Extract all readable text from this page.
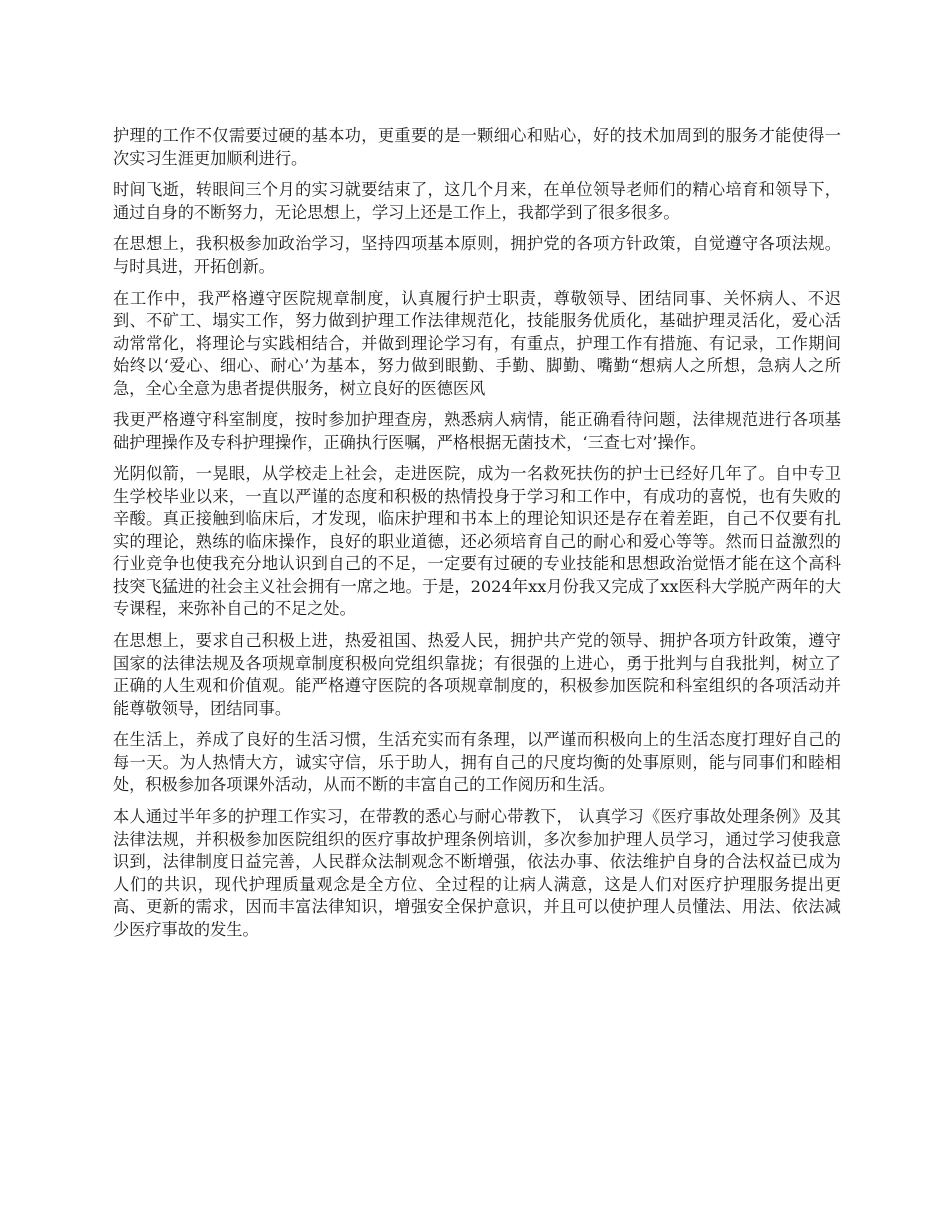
护理的工作不仅需要过硬的基本功，更重要的是一颗细心和贴心，好的技术加周到的服务才能使得一次实习生涯更加顺利进行。

时间飞逝，转眼间三个月的实习就要结束了，这几个月来，在单位领导老师们的精心培育和领导下，通过自身的不断努力，无论思想上，学习上还是工作上，我都学到了很多很多。

在思想上，我积极参加政治学习，坚持四项基本原则，拥护党的各项方针政策，自觉遵守各项法规。与时具进，开拓创新。

在工作中，我严格遵守医院规章制度，认真履行护士职责，尊敬领导、团结同事、关怀病人、不迟到、不矿工、塌实工作，努力做到护理工作法律规范化，技能服务优质化，基础护理灵活化，爱心活动常常化，将理论与实践相结合，并做到理论学习有，有重点，护理工作有措施、有记录，工作期间始终以‘爱心、细心、耐心’为基本，努力做到眼勤、手勤、脚勤、嘴勤“想病人之所想，急病人之所急，全心全意为患者提供服务，树立良好的医德医风

我更严格遵守科室制度，按时参加护理查房，熟悉病人病情，能正确看待问题，法律规范进行各项基础护理操作及专科护理操作，正确执行医嘱，严格根据无菌技术，‘三查七对’操作。

光阴似箭，一晃眼，从学校走上社会，走进医院，成为一名救死扶伤的护士已经好几年了。自中专卫生学校毕业以来，一直以严谨的态度和积极的热情投身于学习和工作中，有成功的喜悦，也有失败的辛酸。真正接触到临床后，才发现，临床护理和书本上的理论知识还是存在着差距，自己不仅要有扎实的理论，熟练的临床操作，良好的职业道德，还必须培育自己的耐心和爱心等等。然而日益激烈的行业竞争也使我充分地认识到自己的不足，一定要有过硬的专业技能和思想政治觉悟才能在这个高科技突飞猛进的社会主义社会拥有一席之地。于是，2024年xx月份我又完成了xx医科大学脱产两年的大专课程，来弥补自己的不足之处。

在思想上，要求自己积极上进，热爱祖国、热爱人民，拥护共产党的领导、拥护各项方针政策，遵守国家的法律法规及各项规章制度积极向党组织靠拢；有很强的上进心，勇于批判与自我批判，树立了正确的人生观和价值观。能严格遵守医院的各项规章制度的，积极参加医院和科室组织的各项活动并能尊敬领导，团结同事。

在生活上，养成了良好的生活习惯，生活充实而有条理，以严谨而积极向上的生活态度打理好自己的每一天。为人热情大方，诚实守信，乐于助人，拥有自己的尺度均衡的处事原则，能与同事们和睦相处，积极参加各项课外活动，从而不断的丰富自己的工作阅历和生活。

本人通过半年多的护理工作实习，在带教的悉心与耐心带教下， 认真学习《医疗事故处理条例》及其法律法规，并积极参加医院组织的医疗事故护理条例培训，多次参加护理人员学习，通过学习使我意识到，法律制度日益完善，人民群众法制观念不断增强，依法办事、依法维护自身的合法权益已成为人们的共识，现代护理质量观念是全方位、全过程的让病人满意，这是人们对医疗护理服务提出更高、更新的需求，因而丰富法律知识，增强安全保护意识，并且可以使护理人员懂法、用法、依法减少医疗事故的发生。
